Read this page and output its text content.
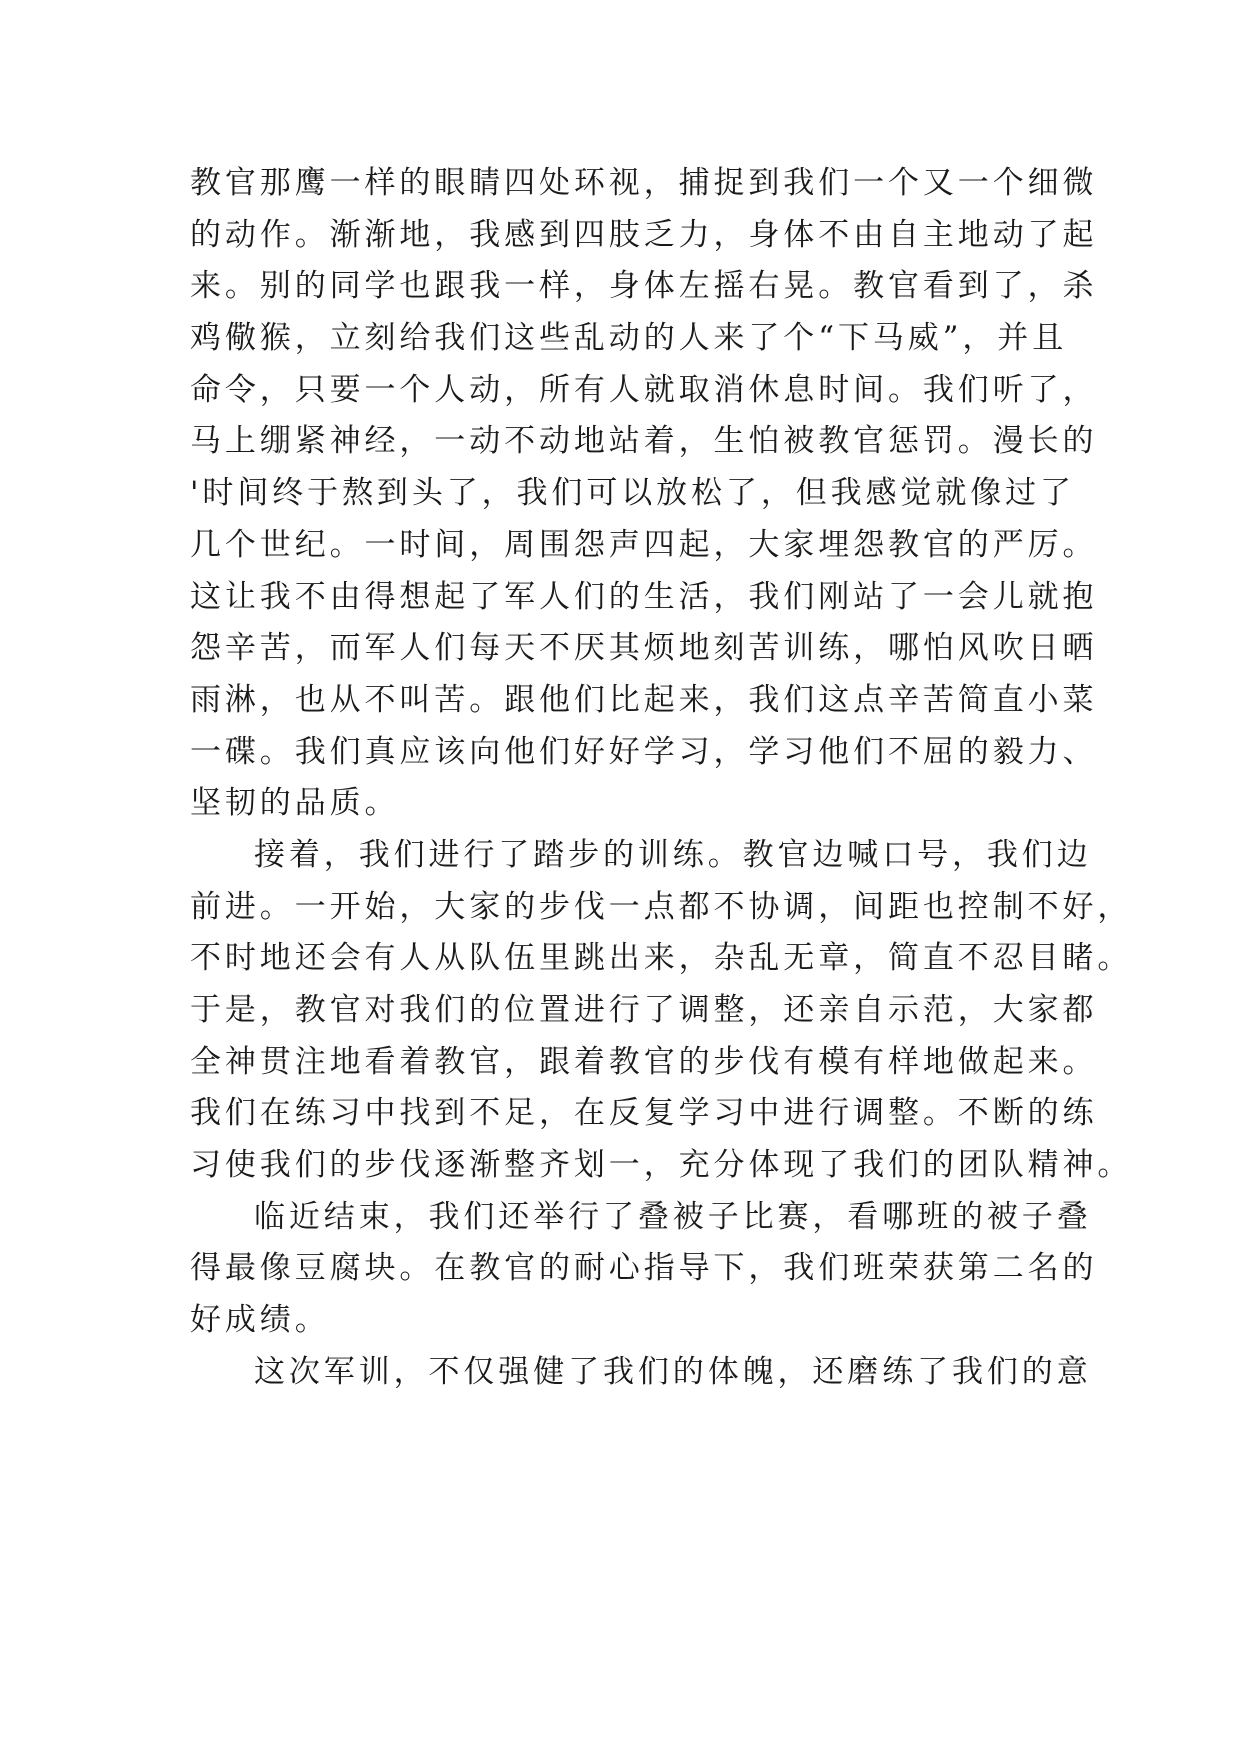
教官那鹰一样的眼睛四处环视，捕捉到我们一个又一个细微
的动作。渐渐地，我感到四肢乏力，身体不由自主地动了起
来。别的同学也跟我一样，身体左摇右晃。教官看到了，杀
鸡儆猴，立刻给我们这些乱动的人来了个“下马威”，并且
命令，只要一个人动，所有人就取消休息时间。我们听了，
马上绷紧神经，一动不动地站着，生怕被教官惩罚。漫长的
'时间终于熬到头了，我们可以放松了，但我感觉就像过了
几个世纪。一时间，周围怨声四起，大家埋怨教官的严厉。
这让我不由得想起了军人们的生活，我们刚站了一会儿就抱
怨辛苦，而军人们每天不厌其烦地刻苦训练，哪怕风吹日晒
雨淋，也从不叫苦。跟他们比起来，我们这点辛苦简直小菜
一碟。我们真应该向他们好好学习，学习他们不屈的毅力、
坚韧的品质。
接着，我们进行了踏步的训练。教官边喊口号，我们边
前进。一开始，大家的步伐一点都不协调，间距也控制不好，
不时地还会有人从队伍里跳出来，杂乱无章，简直不忍目睹。
于是，教官对我们的位置进行了调整，还亲自示范，大家都
全神贯注地看着教官，跟着教官的步伐有模有样地做起来。
我们在练习中找到不足，在反复学习中进行调整。不断的练
习使我们的步伐逐渐整齐划一，充分体现了我们的团队精神。
临近结束，我们还举行了叠被子比赛，看哪班的被子叠
得最像豆腐块。在教官的耐心指导下，我们班荣获第二名的
好成绩。
这次军训，不仅强健了我们的体魄，还磨练了我们的意
